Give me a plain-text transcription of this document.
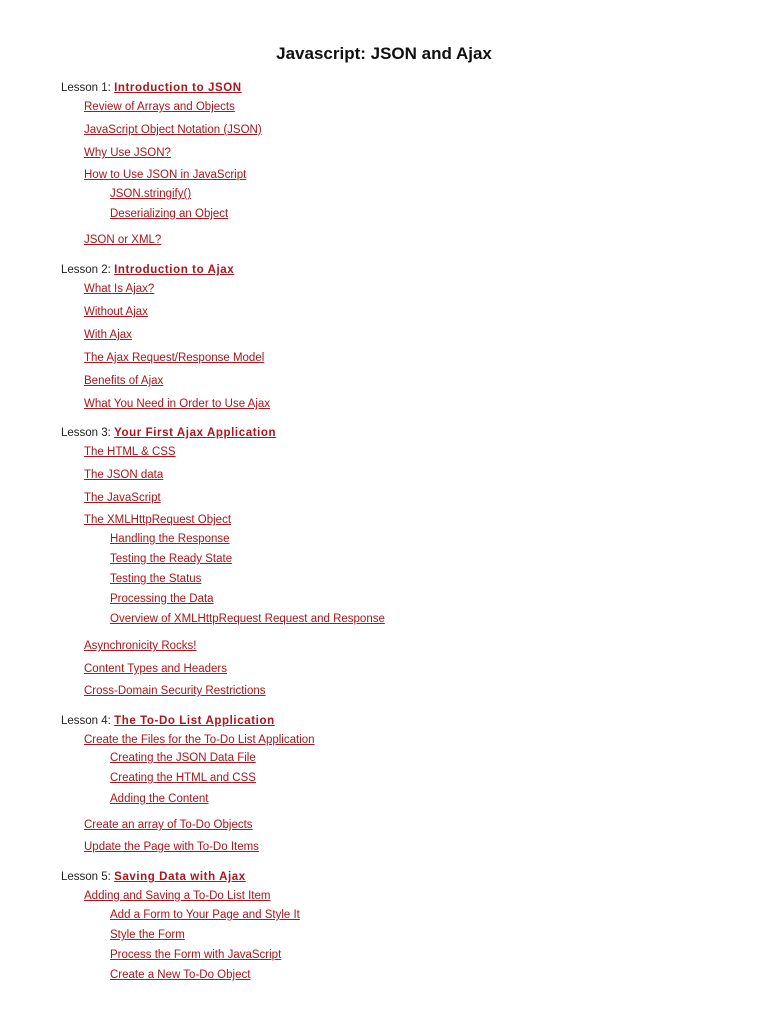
Javascript: JSON and Ajax
Lesson 1: Introduction to JSON
Review of Arrays and Objects
JavaScript Object Notation (JSON)
Why Use JSON?
How to Use JSON in JavaScript
JSON.stringify()
Deserializing an Object
JSON or XML?
Lesson 2: Introduction to Ajax
What Is Ajax?
Without Ajax
With Ajax
The Ajax Request/Response Model
Benefits of Ajax
What You Need in Order to Use Ajax
Lesson 3: Your First Ajax Application
The HTML & CSS
The JSON data
The JavaScript
The XMLHttpRequest Object
Handling the Response
Testing the Ready State
Testing the Status
Processing the Data
Overview of XMLHttpRequest Request and Response
Asynchronicity Rocks!
Content Types and Headers
Cross-Domain Security Restrictions
Lesson 4: The To-Do List Application
Create the Files for the To-Do List Application
Creating the JSON Data File
Creating the HTML and CSS
Adding the Content
Create an array of To-Do Objects
Update the Page with To-Do Items
Lesson 5: Saving Data with Ajax
Adding and Saving a To-Do List Item
Add a Form to Your Page and Style It
Style the Form
Process the Form with JavaScript
Create a New To-Do Object
